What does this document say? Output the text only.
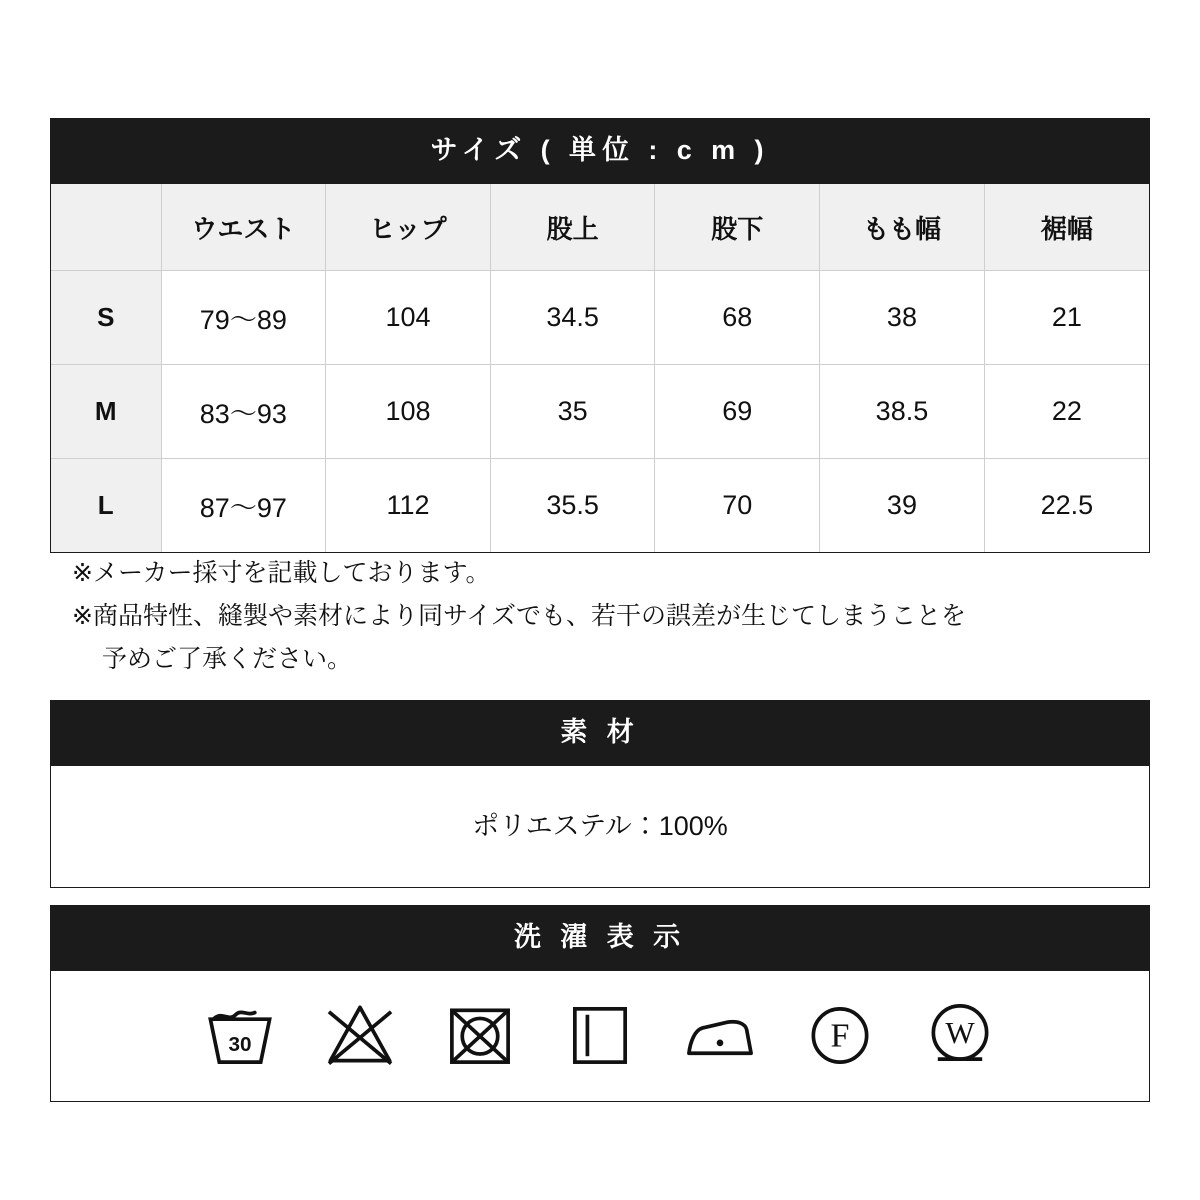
サイズ ( 単位 : c m )
	ウエスト	ヒップ	股上	股下	もも幅	裾幅
S	79〜89	104	34.5	68	38	21
M	83〜93	108	35	69	38.5	22
L	87〜97	112	35.5	70	39	22.5

※メーカー採寸を記載しております。

※商品特性、縫製や素材により同サイズでも、若干の誤差が生じてしまうことを

予めご了承ください。

素 材
ポリエステル：100%
洗 濯 表 示
30	F W
